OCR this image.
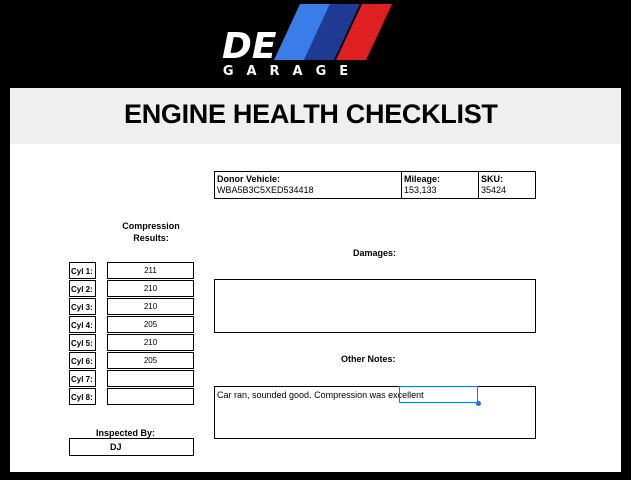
DE
GARAGE
ENGINE HEALTH CHECKLIST
Donor Vehicle:
WBA5B3C5XED534418
Mileage:
153,133
SKU:
35424
Compression Results:
Cyl 1:	211
Cyl 2:	210
Cyl 3:	210
Cyl 4:	205
Cyl 5:	210
Cyl 6:	205
Cyl 7:
Cyl 8:
Damages:
Other Notes:
Car ran, sounded good. Compression was excellent
Inspected By:
DJ
